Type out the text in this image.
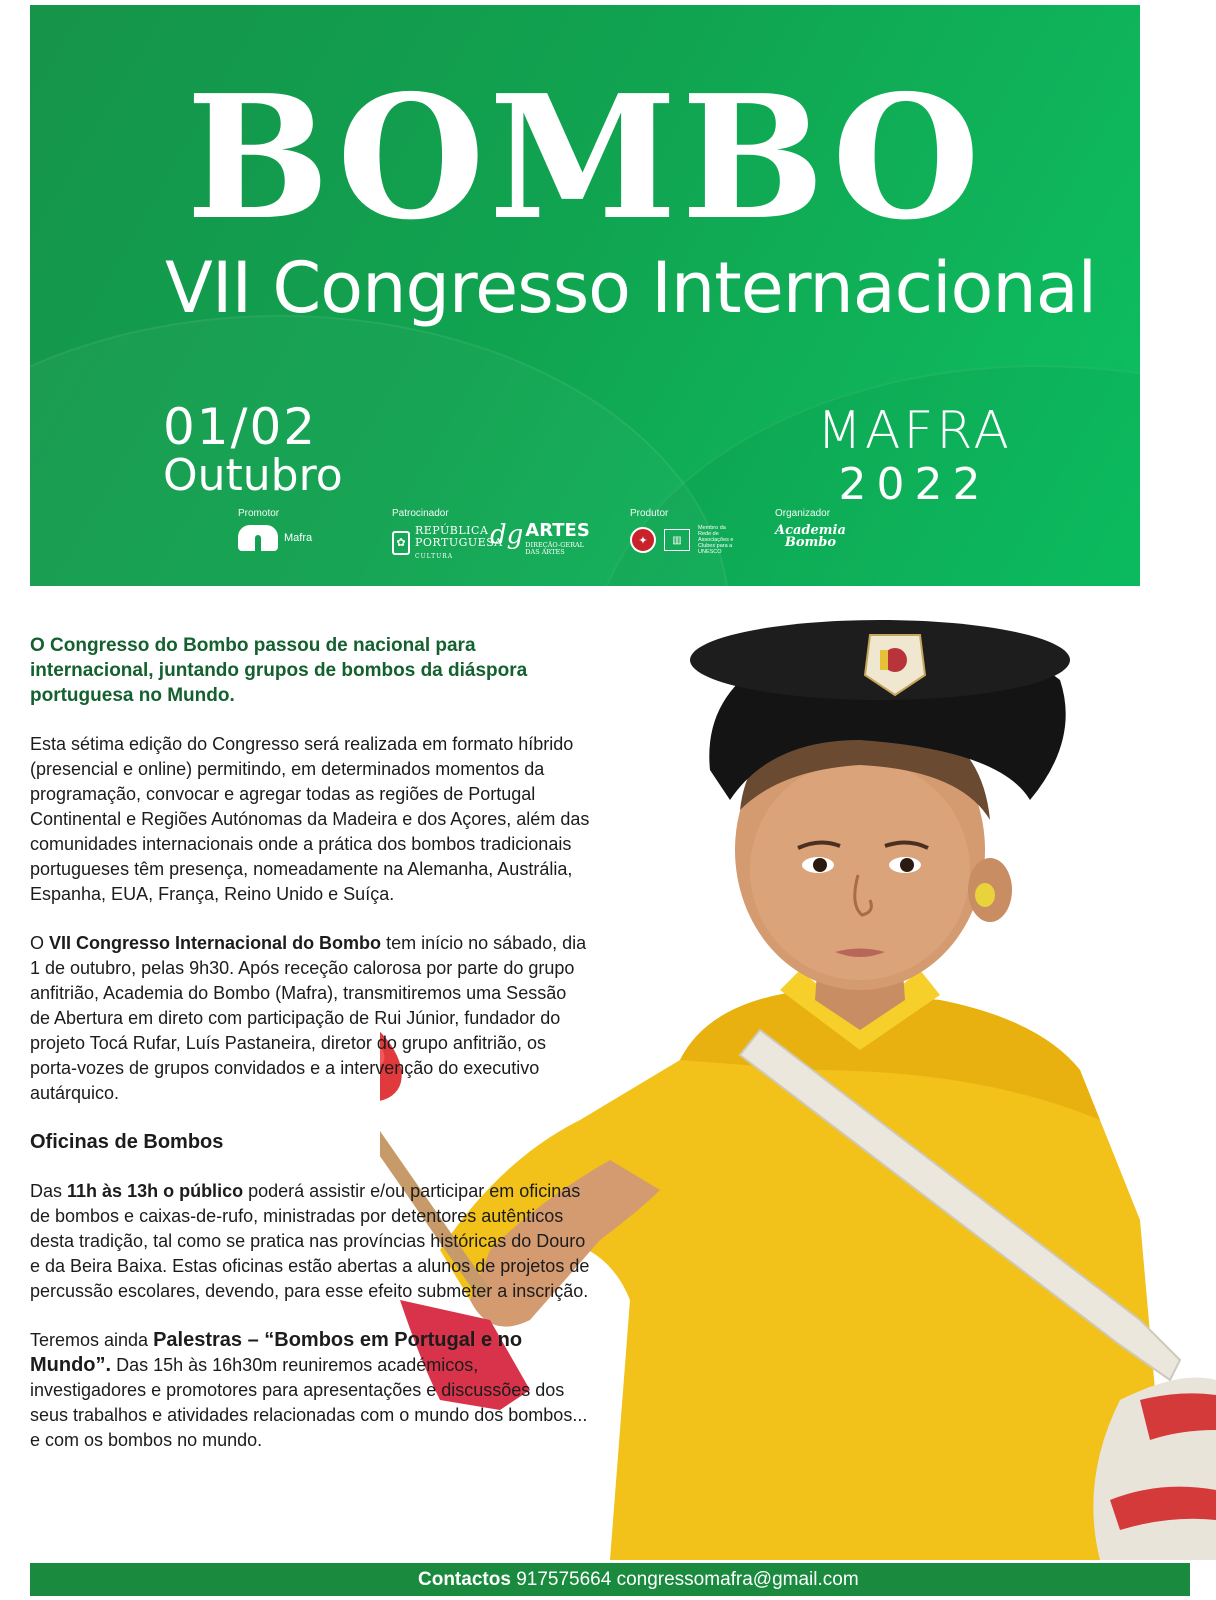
BOMBO
VII Congresso Internacional
01/02
Outubro
MAFRA
2022
Promotor
Mafra
Patrocinador
✿
REPÚBLICA
PORTUGUESA
CULTURA
dg ARTES
DIREÇÃO-GERAL
DAS ARTES
Produtor
✦	▥
Membro da Rede de Associações e Clubes para a UNESCO
Organizador
Academia
Bombo

O Congresso do Bombo passou de nacional para internacional, juntando grupos de bombos da diáspora portuguesa no Mundo.

Esta sétima edição do Congresso será realizada em formato híbrido (presencial e online) permitindo, em determinados momentos da programação, convocar e agregar todas as regiões de Portugal Continental e Regiões Autónomas da Madeira e dos Açores, além das comunidades internacionais onde a prática dos bombos tradicionais portugueses têm presença, nomeadamente na Alemanha, Austrália, Espanha, EUA, França, Reino Unido e Suíça.

O VII Congresso Internacional do Bombo tem início no sábado, dia 1 de outubro, pelas 9h30. Após receção calorosa por parte do grupo anfitrião, Academia do Bombo (Mafra), transmitiremos uma Sessão de Abertura em direto com participação de Rui Júnior, fundador do projeto Tocá Rufar, Luís Pastaneira, diretor do grupo anfitrião, os porta-vozes de grupos convidados e a intervenção do executivo autárquico.

Oficinas de Bombos

Das 11h às 13h o público poderá assistir e/ou participar em oficinas de bombos e caixas-de-rufo, ministradas por detentores autênticos desta tradição, tal como se pratica nas províncias históricas do Douro e da Beira Baixa. Estas oficinas estão abertas a alunos de projetos de percussão escolares, devendo, para esse efeito submeter a inscrição.

Teremos ainda Palestras – “Bombos em Portugal e no Mundo”. Das 15h às 16h30m reuniremos académicos, investigadores e promotores para apresentações e discussões dos seus trabalhos e atividades relacionadas com o mundo dos bombos... e com os bombos no mundo.

Contactos 917575664 congressomafra@gmail.com
